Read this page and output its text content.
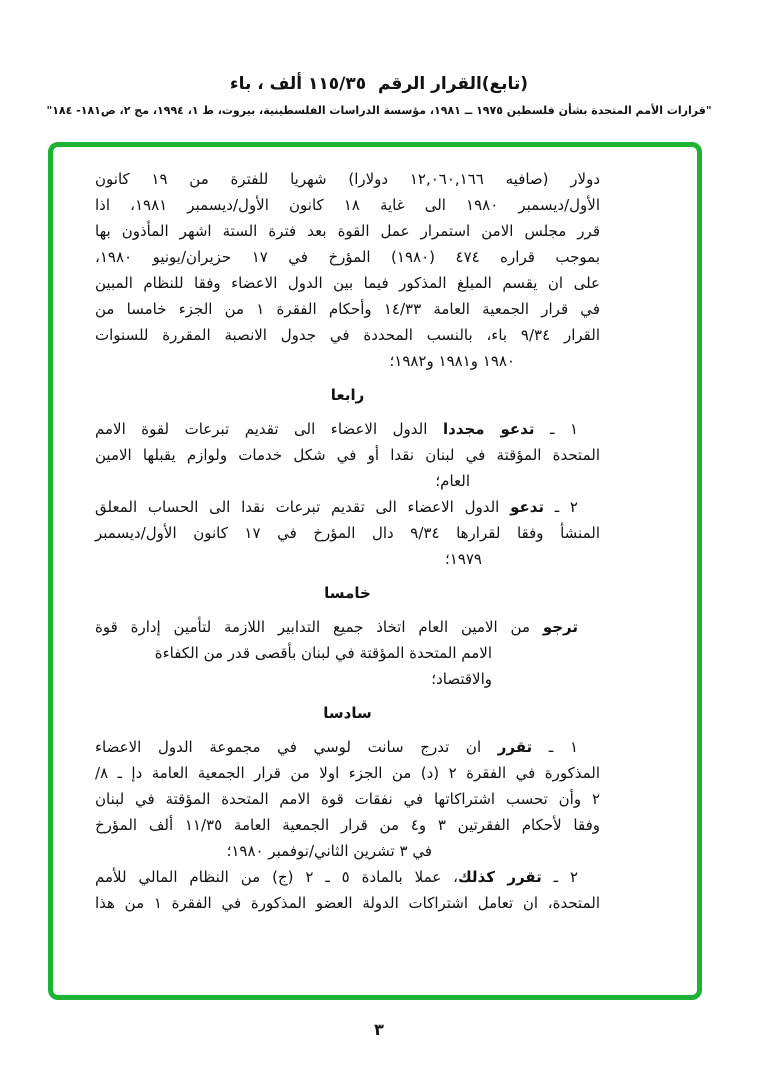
(تابع)القرار الرقم  ١١٥/٣٥ ألف ، باء
"قرارات الأمم المتحدة بشأن فلسطين ١٩٧٥ ــ ١٩٨١، مؤسسة الدراسات الفلسطينية، بيروت، ط ١، ١٩٩٤، مج ٢، ص١٨١- ١٨٤"
دولار (صافيه ١٢,٠٦٠,١٦٦ دولارا) شهريا للفترة من ١٩ كانون
الأول/ديسمبر ١٩٨٠ الى غاية ١٨ كانون الأول/ديسمبر ١٩٨١، اذا
قرر مجلس الامن استمرار عمل القوة بعد فترة الستة اشهر المأذون بها
بموجب قراره ٤٧٤ (١٩٨٠) المؤرخ في ١٧ حزيران/يونيو ١٩٨٠،
على ان يقسم المبلغ المذكور فيما بين الدول الاعضاء وفقا للنظام المبين
في قرار الجمعية العامة ١٤/٣٣ وأحكام الفقرة ١ من الجزء خامسا من
القرار ٩/٣٤ باء، بالنسب المحددة في جدول الانصبة المقررة للسنوات
١٩٨٠ و١٩٨١ و١٩٨٢؛
رابعا
١ ـ تدعو مجددا الدول الاعضاء الى تقديم تبرعات لقوة الامم
المتحدة المؤقتة في لبنان نقدا أو في شكل خدمات ولوازم يقبلها الامين
العام؛
٢ ـ تدعو الدول الاعضاء الى تقديم تبرعات نقدا الى الحساب المعلق
المنشأ وفقا لقرارها ٩/٣٤ دال المؤرخ في ١٧ كانون الأول/ديسمبر
١٩٧٩؛
خامسا
ترجو من الامين العام اتخاذ جميع التدابير اللازمة لتأمين إدارة قوة
الامم المتحدة المؤقتة في لبنان بأقصى قدر من الكفاءة والاقتصاد؛
سادسا
١ ـ تقرر ان تدرج سانت لوسي في مجموعة الدول الاعضاء
المذكورة في الفقرة ٢ (د) من الجزء اولا من قرار الجمعية العامة دإ ـ ٨/
٢ وأن تحسب اشتراكاتها في نفقات قوة الامم المتحدة المؤقتة في لبنان
وفقا لأحكام الفقرتين ٣ و٤ من قرار الجمعية العامة ١١/٣٥ ألف المؤرخ
في ٣ تشرين الثاني/نوفمبر ١٩٨٠؛
٢ ـ تقرر كذلك، عملا بالمادة ٥ ـ ٢ (ج) من النظام المالي للأمم
المتحدة، ان تعامل اشتراكات الدولة العضو المذكورة في الفقرة ١ من هذا
٣
